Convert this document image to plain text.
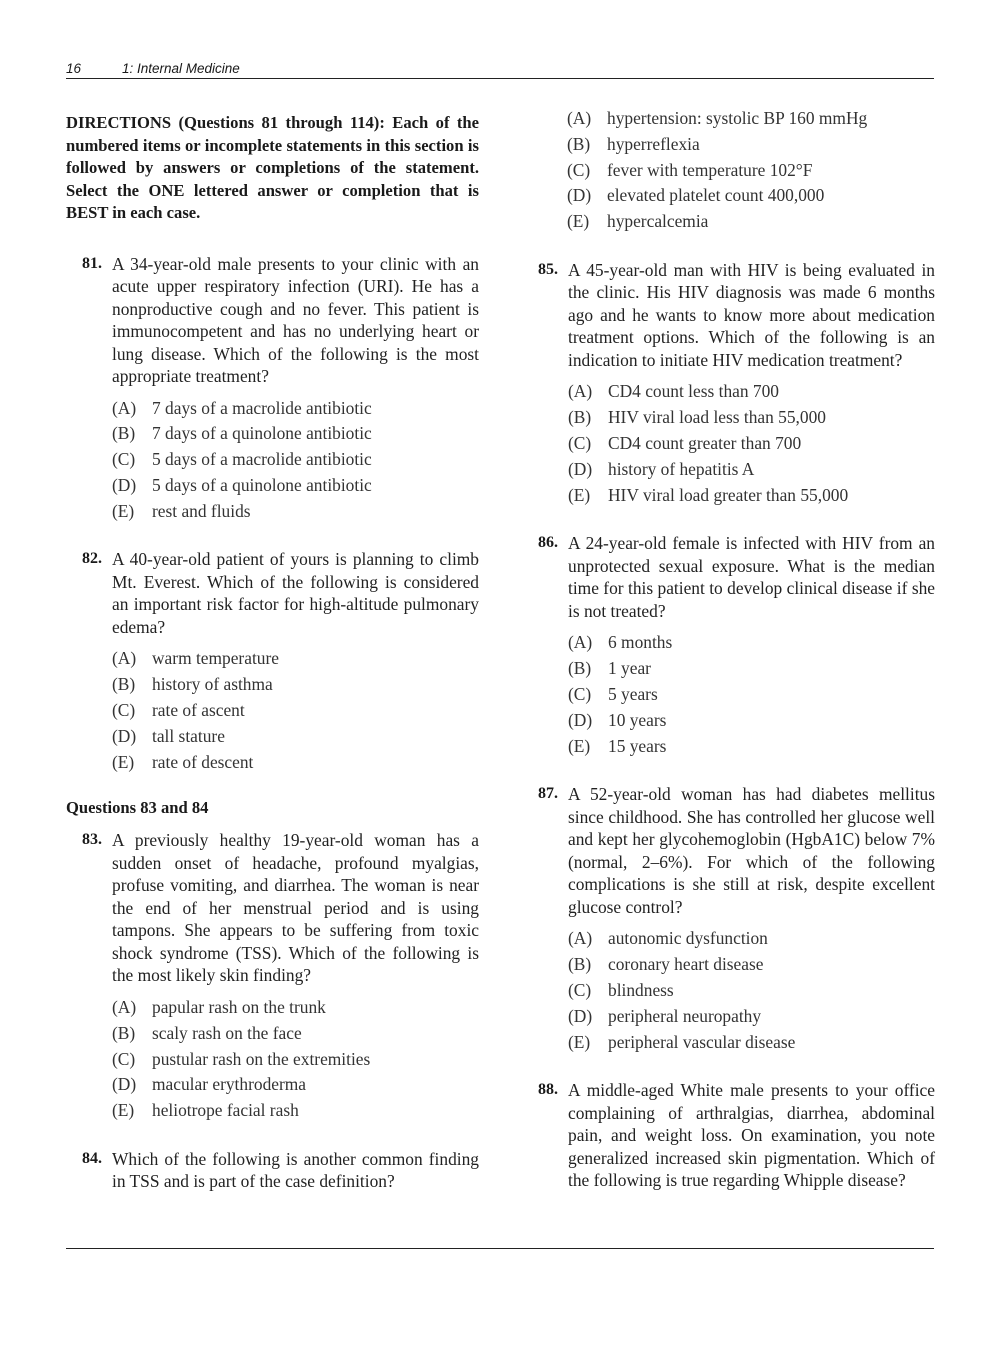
16	1: Internal Medicine

DIRECTIONS (Questions 81 through 114): Each of the numbered items or incomplete statements in this section is followed by answers or completions of the statement. Select the ONE lettered answer or completion that is BEST in each case.

81. A 34-year-old male presents to your clinic with an acute upper respiratory infection (URI). He has a nonproductive cough and no fever. This patient is immunocompetent and has no underlying heart or lung disease. Which of the following is the most appropriate treatment?

(A) 7 days of a macrolide antibiotic
(B) 7 days of a quinolone antibiotic
(C) 5 days of a macrolide antibiotic
(D) 5 days of a quinolone antibiotic
(E) rest and fluids
82. A 40-year-old patient of yours is planning to climb Mt. Everest. Which of the following is considered an important risk factor for high-altitude pulmonary edema?

(A) warm temperature
(B) history of asthma
(C) rate of ascent
(D) tall stature
(E) rate of descent
Questions 83 and 84
83. A previously healthy 19-year-old woman has a sudden onset of headache, profound myalgias, profuse vomiting, and diarrhea. The woman is near the end of her menstrual period and is using tampons. She appears to be suffering from toxic shock syndrome (TSS). Which of the following is the most likely skin finding?

(A) papular rash on the trunk
(B) scaly rash on the face
(C) pustular rash on the extremities
(D) macular erythroderma
(E) heliotrope facial rash
84. Which of the following is another common finding in TSS and is part of the case definition?

(A) hypertension: systolic BP 160 mmHg
(B) hyperreflexia
(C) fever with temperature 102°F
(D) elevated platelet count 400,000
(E) hypercalcemia
85. A 45-year-old man with HIV is being evaluated in the clinic. His HIV diagnosis was made 6 months ago and he wants to know more about medication treatment options. Which of the following is an indication to initiate HIV medication treatment?

(A) CD4 count less than 700
(B) HIV viral load less than 55,000
(C) CD4 count greater than 700
(D) history of hepatitis A
(E) HIV viral load greater than 55,000
86. A 24-year-old female is infected with HIV from an unprotected sexual exposure. What is the median time for this patient to develop clinical disease if she is not treated?

(A) 6 months
(B) 1 year
(C) 5 years
(D) 10 years
(E) 15 years
87. A 52-year-old woman has had diabetes mellitus since childhood. She has controlled her glucose well and kept her glycohemoglobin (HgbA1C) below 7% (normal, 2–6%). For which of the following complications is she still at risk, despite excellent glucose control?

(A) autonomic dysfunction
(B) coronary heart disease
(C) blindness
(D) peripheral neuropathy
(E) peripheral vascular disease
88. A middle-aged White male presents to your office complaining of arthralgias, diarrhea, abdominal pain, and weight loss. On examination, you note generalized increased skin pigmentation. Which of the following is true regarding Whipple disease?
